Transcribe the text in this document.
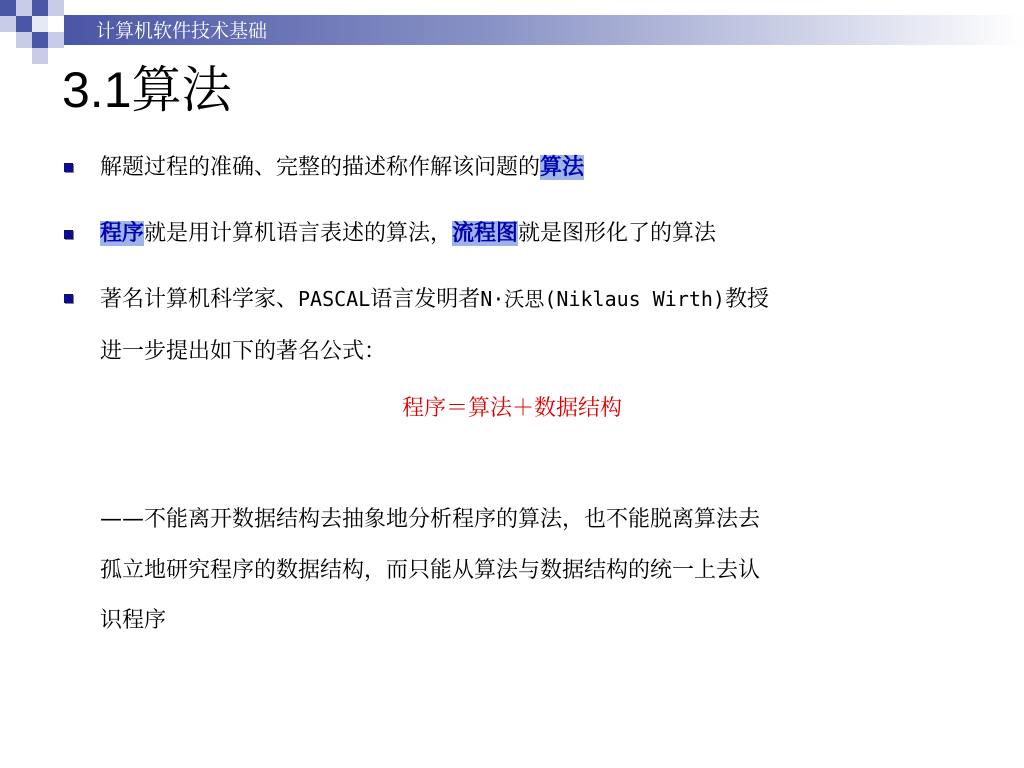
计算机软件技术基础
3.1算法
解题过程的准确、完整的描述称作解该问题的算法
程序就是用计算机语言表述的算法，流程图就是图形化了的算法
著名计算机科学家、PASCAL语言发明者N·沃思(Niklaus Wirth)教授
进一步提出如下的著名公式：
程序＝算法＋数据结构
——不能离开数据结构去抽象地分析程序的算法，也不能脱离算法去
孤立地研究程序的数据结构，而只能从算法与数据结构的统一上去认
识程序
